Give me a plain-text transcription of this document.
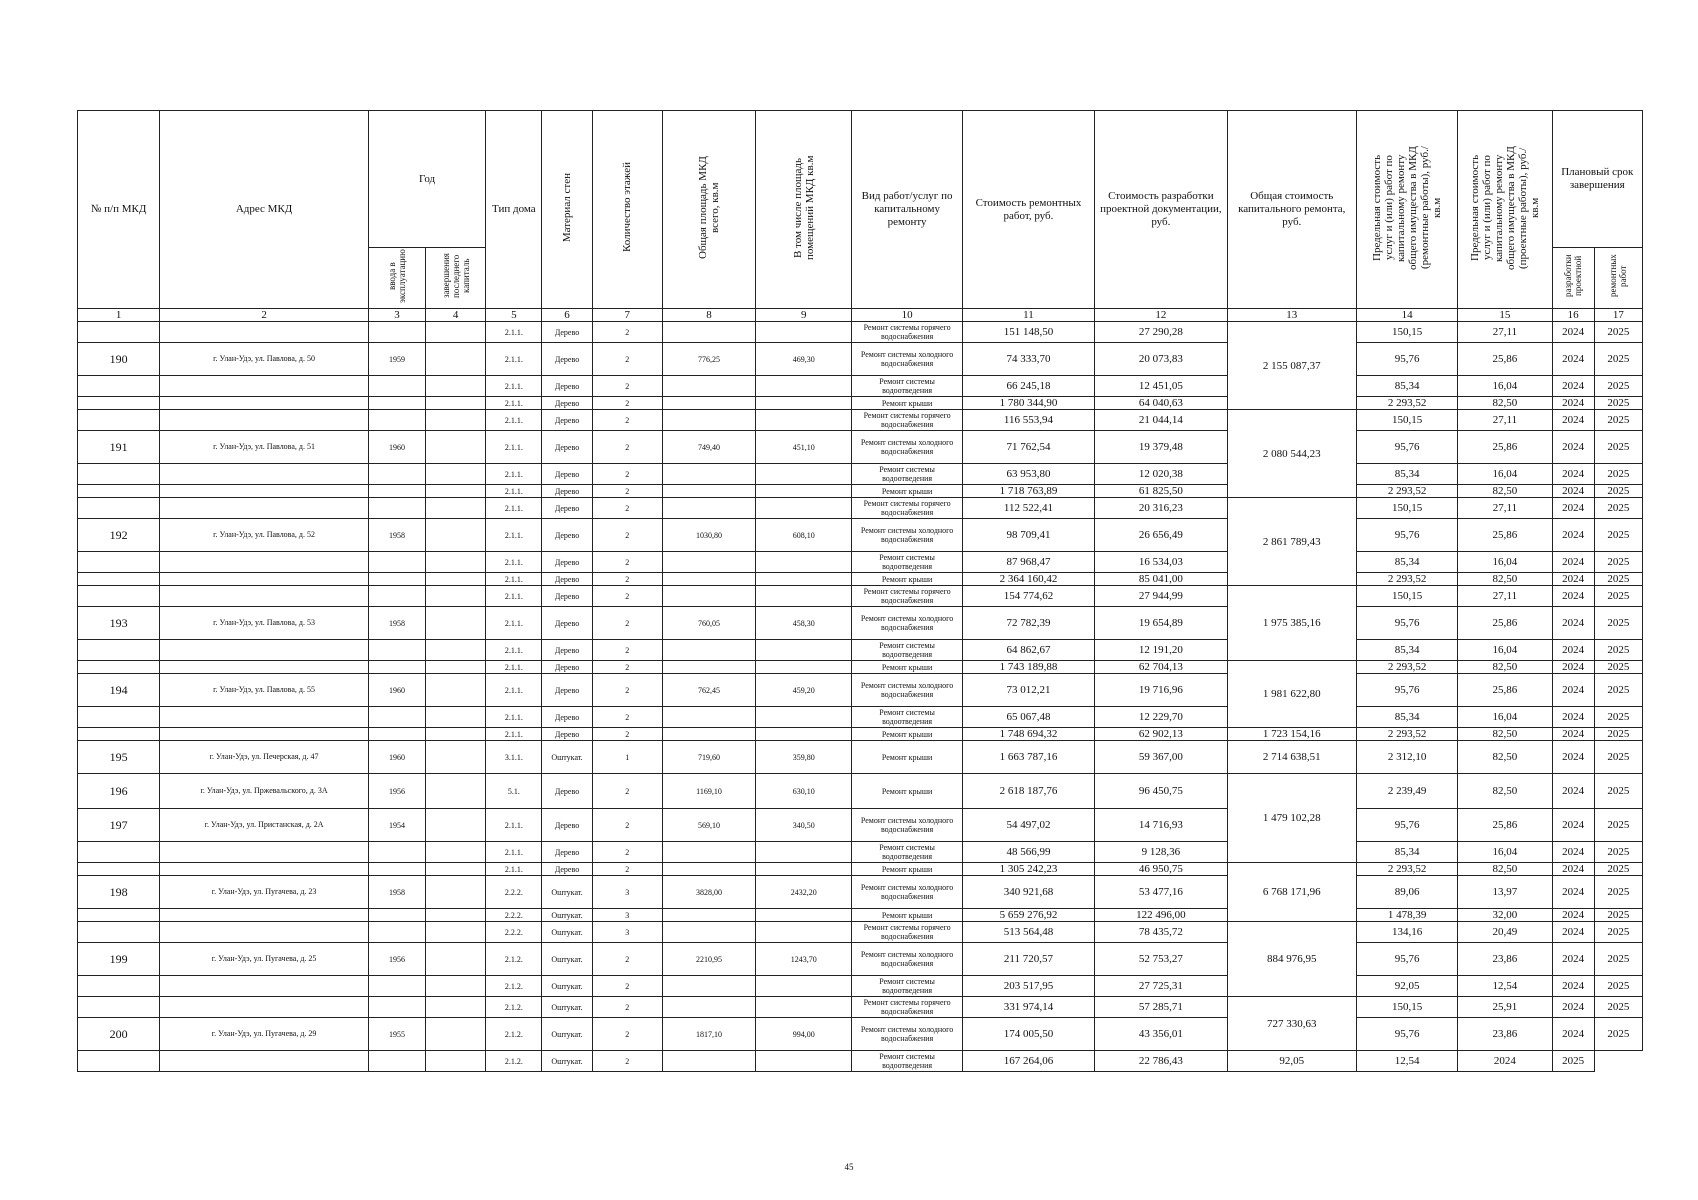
№ п/п МКД	Адрес МКД	Год		Тип дома	Материал стен	Количество этажей	Общая площадь МКД всего, кв.м	В том числе площадь помещений МКД кв.м	Вид работ/услуг по капитальному ремонту	Стоимость ремонтных работ, руб.	Стоимость разработки проектной документации, руб.	Общая стоимость капитального ремонта, руб.	Предельная стоимость услуг и (или) работ по капитальному ремонту общего имущества в МКД (ремонтные работы), руб./кв.м	Предельная стоимость услуг и (или) работ по капитальному ремонту общего имущества в МКД (проектные работы), руб./кв.м	Плановый срок завершения	
		ввода в эксплуатацию	завершения последнего капиталь												разработки проектной	ремонтных работ
1	2	3	4	5	6	7	8	9	10	11	12	13	14	15	16	17
				2.1.1.	Дерево	2			Ремонт системы горячего водоснабжения	151 148,50	27 290,28	2 155 087,37	150,15	27,11	2024	2025
190	г. Улан-Удэ, ул. Павлова, д. 50	1959		2.1.1.	Дерево	2	776,25	469,30	Ремонт системы холодного водоснабжения	74 333,70	20 073,83		95,76	25,86	2024	2025
				2.1.1.	Дерево	2			Ремонт системы водоотведения	66 245,18	12 451,05		85,34	16,04	2024	2025
				2.1.1.	Дерево	2			Ремонт крыши	1 780 344,90	64 040,63		2 293,52	82,50	2024	2025
				2.1.1.	Дерево	2			Ремонт системы горячего водоснабжения	116 553,94	21 044,14	2 080 544,23	150,15	27,11	2024	2025
191	г. Улан-Удэ, ул. Павлова, д. 51	1960		2.1.1.	Дерево	2	749,40	451,10	Ремонт системы холодного водоснабжения	71 762,54	19 379,48		95,76	25,86	2024	2025
				2.1.1.	Дерево	2			Ремонт системы водоотведения	63 953,80	12 020,38		85,34	16,04	2024	2025
				2.1.1.	Дерево	2			Ремонт крыши	1 718 763,89	61 825,50		2 293,52	82,50	2024	2025
				2.1.1.	Дерево	2			Ремонт системы горячего водоснабжения	112 522,41	20 316,23	2 861 789,43	150,15	27,11	2024	2025
192	г. Улан-Удэ, ул. Павлова, д. 52	1958		2.1.1.	Дерево	2	1030,80	608,10	Ремонт системы холодного водоснабжения	98 709,41	26 656,49		95,76	25,86	2024	2025
				2.1.1.	Дерево	2			Ремонт системы водоотведения	87 968,47	16 534,03		85,34	16,04	2024	2025
				2.1.1.	Дерево	2			Ремонт крыши	2 364 160,42	85 041,00		2 293,52	82,50	2024	2025
				2.1.1.	Дерево	2			Ремонт системы горячего водоснабжения	154 774,62	27 944,99	1 975 385,16	150,15	27,11	2024	2025
193	г. Улан-Удэ, ул. Павлова, д. 53	1958		2.1.1.	Дерево	2	760,05	458,30	Ремонт системы холодного водоснабжения	72 782,39	19 654,89		95,76	25,86	2024	2025
				2.1.1.	Дерево	2			Ремонт системы водоотведения	64 862,67	12 191,20		85,34	16,04	2024	2025
				2.1.1.	Дерево	2			Ремонт крыши	1 743 189,88	62 704,13	1 981 622,80	2 293,52	82,50	2024	2025
194	г. Улан-Удэ, ул. Павлова, д. 55	1960		2.1.1.	Дерево	2	762,45	459,20	Ремонт системы холодного водоснабжения	73 012,21	19 716,96		95,76	25,86	2024	2025
				2.1.1.	Дерево	2			Ремонт системы водоотведения	65 067,48	12 229,70		85,34	16,04	2024	2025
				2.1.1.	Дерево	2			Ремонт крыши	1 748 694,32	62 902,13	1 723 154,16	2 293,52	82,50	2024	2025
195	г. Улан-Удэ, ул. Печерская, д. 47	1960		3.1.1.	Оштукат.	1	719,60	359,80	Ремонт крыши	1 663 787,16	59 367,00	2 714 638,51	2 312,10	82,50	2024	2025
196	г. Улан-Удэ, ул. Пржевальского, д. 3А	1956		5.1.	Дерево	2	1169,10	630,10	Ремонт крыши	2 618 187,76	96 450,75	1 479 102,28	2 239,49	82,50	2024	2025
197	г. Улан-Удэ, ул. Пристанская, д. 2А	1954		2.1.1.	Дерево	2	569,10	340,50	Ремонт системы холодного водоснабжения	54 497,02	14 716,93		95,76	25,86	2024	2025
				2.1.1.	Дерево	2			Ремонт системы водоотведения	48 566,99	9 128,36		85,34	16,04	2024	2025
				2.1.1.	Дерево	2			Ремонт крыши	1 305 242,23	46 950,75	6 768 171,96	2 293,52	82,50	2024	2025
198	г. Улан-Удэ, ул. Пугачева, д. 23	1958		2.2.2.	Оштукат.	3	3828,00	2432,20	Ремонт системы холодного водоснабжения	340 921,68	53 477,16		89,06	13,97	2024	2025
				2.2.2.	Оштукат.	3			Ремонт крыши	5 659 276,92	122 496,00		1 478,39	32,00	2024	2025
				2.2.2.	Оштукат.	3			Ремонт системы горячего водоснабжения	513 564,48	78 435,72	884 976,95	134,16	20,49	2024	2025
199	г. Улан-Удэ, ул. Пугачева, д. 25	1956		2.1.2.	Оштукат.	2	2210,95	1243,70	Ремонт системы холодного водоснабжения	211 720,57	52 753,27		95,76	23,86	2024	2025
				2.1.2.	Оштукат.	2			Ремонт системы водоотведения	203 517,95	27 725,31		92,05	12,54	2024	2025
				2.1.2.	Оштукат.	2			Ремонт системы горячего водоснабжения	331 974,14	57 285,71	727 330,63	150,15	25,91	2024	2025
200	г. Улан-Удэ, ул. Пугачева, д. 29	1955		2.1.2.	Оштукат.	2	1817,10	994,00	Ремонт системы холодного водоснабжения	174 005,50	43 356,01		95,76	23,86	2024	2025
				2.1.2.	Оштукат.	2			Ремонт системы водоотведения	167 264,06	22 786,43	92,05	12,54	2024	2025	
45
